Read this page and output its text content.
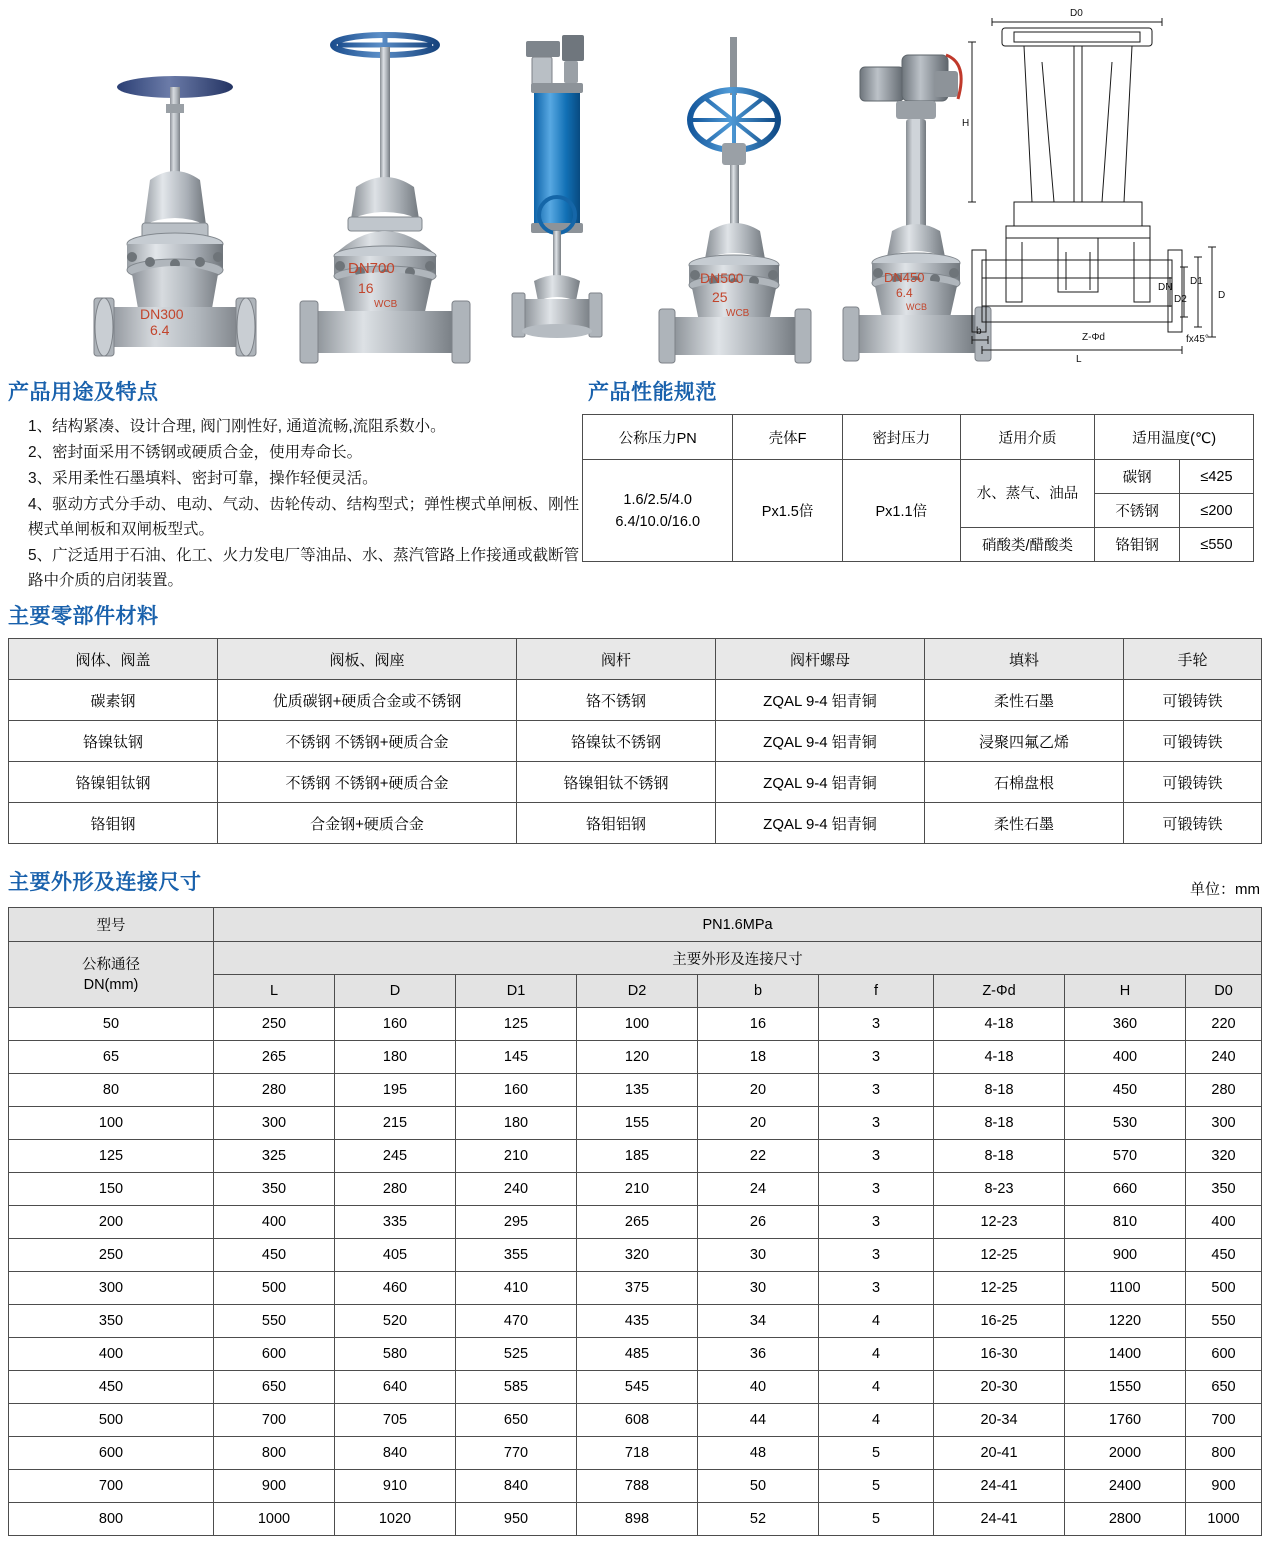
DN300
6.4
DN700
16
WCB
DN500
25
WCB
DN450
6.4
WCB
D0
H
DN
D2
D1
D
b
L
Z-Φd	fx45°
产品用途及特点
1、结构紧凑、设计合理, 阀门刚性好, 通道流畅,流阻系数小。
2、密封面采用不锈钢或硬质合金，使用寿命长。
3、采用柔性石墨填料、密封可靠，操作轻便灵活。
4、驱动方式分手动、电动、气动、齿轮传动、结构型式；弹性楔式单闸板、刚性楔式单闸板和双闸板型式。
5、广泛适用于石油、化工、火力发电厂等油品、水、蒸汽管路上作接通或截断管路中介质的启闭装置。
产品性能规范
公称压力PN	壳体F	密封压力	适用介质	适用温度(℃)	

1.6/2.5/4.0
6.4/10.0/16.0	Px1.5倍	Px1.1倍	水、蒸气、油品	碳钢	≤425
				不锈钢	≤200
			硝酸类/醋酸类	铬钼钢	≤550
主要零部件材料
阀体、阀盖	阀板、阀座	阀杆	阀杆螺母	填料	手轮
碳素钢	优质碳钢+硬质合金或不锈钢	铬不锈钢	ZQAL 9-4 铝青铜	柔性石墨	可锻铸铁
铬镍钛钢	不锈钢 不锈钢+硬质合金	铬镍钛不锈钢	ZQAL 9-4 铝青铜	浸聚四氟乙烯	可锻铸铁
铬镍钼钛钢	不锈钢 不锈钢+硬质合金	铬镍钼钛不锈钢	ZQAL 9-4 铝青铜	石棉盘根	可锻铸铁
铬钼钢	合金钢+硬质合金	铬钼铝钢	ZQAL 9-4 铝青铜	柔性石墨	可锻铸铁
主要外形及连接尺寸	单位：mm
型号	PN1.6MPa								

公称通径
DN(mm)	主要外形及连接尺寸								
	L	D	D1	D2	b	f	Z-Φd	H	D0
50	250	160	125	100	16	3	4-18	360	220
65	265	180	145	120	18	3	4-18	400	240
80	280	195	160	135	20	3	8-18	450	280
100	300	215	180	155	20	3	8-18	530	300
125	325	245	210	185	22	3	8-18	570	320
150	350	280	240	210	24	3	8-23	660	350
200	400	335	295	265	26	3	12-23	810	400
250	450	405	355	320	30	3	12-25	900	450
300	500	460	410	375	30	3	12-25	1100	500
350	550	520	470	435	34	4	16-25	1220	550
400	600	580	525	485	36	4	16-30	1400	600
450	650	640	585	545	40	4	20-30	1550	650
500	700	705	650	608	44	4	20-34	1760	700
600	800	840	770	718	48	5	20-41	2000	800
700	900	910	840	788	50	5	24-41	2400	900
800	1000	1020	950	898	52	5	24-41	2800	1000
